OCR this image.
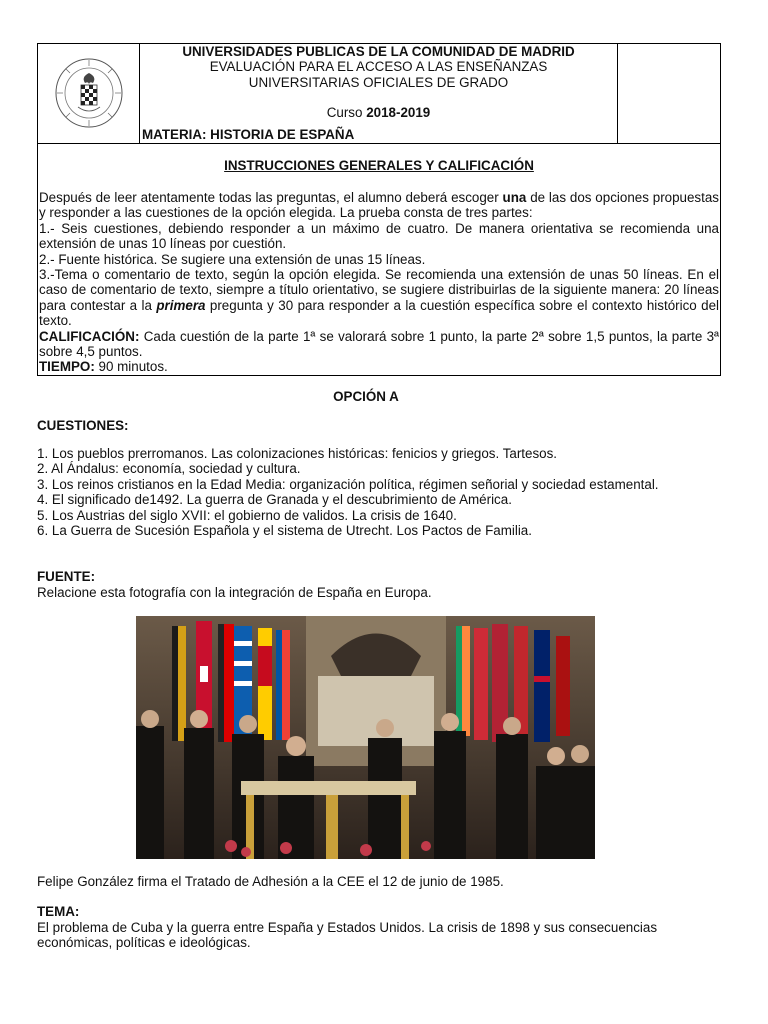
UNIVERSIDADES PUBLICAS DE LA COMUNIDAD DE MADRID
EVALUACIÓN PARA EL ACCESO A LAS ENSEÑANZAS
UNIVERSITARIAS OFICIALES DE GRADO
Curso 2018-2019
MATERIA: HISTORIA DE ESPAÑA
INSTRUCCIONES GENERALES Y CALIFICACIÓN

Después de leer atentamente todas las preguntas, el alumno deberá escoger una de las dos opciones propuestas y responder a las cuestiones de la opción elegida. La prueba consta de tres partes:

1.- Seis cuestiones, debiendo responder a un máximo de cuatro. De manera orientativa se recomienda una extensión de unas 10 líneas por cuestión.

2.- Fuente histórica. Se sugiere una extensión de unas 15 líneas.

3.-Tema o comentario de texto, según la opción elegida. Se recomienda una extensión de unas 50 líneas. En el caso de comentario de texto, siempre a título orientativo, se sugiere distribuirlas de la siguiente manera: 20 líneas para contestar a la primera pregunta y 30 para responder a la cuestión específica sobre el contexto histórico del texto.

CALIFICACIÓN: Cada cuestión de la parte 1ª se valorará sobre 1 punto, la parte 2ª sobre 1,5 puntos, la parte 3ª sobre 4,5 puntos.

TIEMPO: 90 minutos.

OPCIÓN A
CUESTIONES:

1. Los pueblos prerromanos. Las colonizaciones históricas: fenicios y griegos. Tartesos.

2. Al Ándalus: economía, sociedad y cultura.

3. Los reinos cristianos en la Edad Media: organización política, régimen señorial y sociedad estamental.

4. El significado de1492. La guerra de Granada y el descubrimiento de América.

5. Los Austrias del siglo XVII: el gobierno de validos. La crisis de 1640.

6. La Guerra de Sucesión Española y el sistema de Utrecht. Los Pactos de Familia.

FUENTE:
Relacione esta fotografía con la integración de España en Europa.
Felipe González firma el Tratado de Adhesión a la CEE el 12 de junio de 1985.
TEMA:
El problema de Cuba y la guerra entre España y Estados Unidos. La crisis de 1898 y sus consecuencias económicas, políticas e ideológicas.
